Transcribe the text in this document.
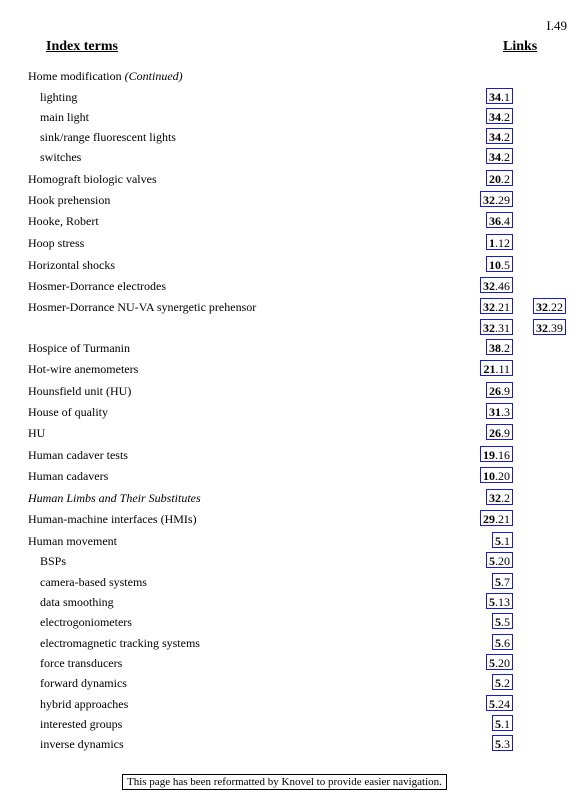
I.49
Index terms	Links
Home modification (Continued)
lighting	34.1
main light	34.2
sink/range fluorescent lights	34.2
switches	34.2
Homograft biologic valves	20.2
Hook prehension	32.29
Hooke, Robert	36.4
Hoop stress	1.12
Horizontal shocks	10.5
Hosmer-Dorrance electrodes	32.46
Hosmer-Dorrance NU-VA synergetic prehensor	32.21 32.22
32.31 32.39
Hospice of Turmanin	38.2
Hot-wire anemometers	21.11
Hounsfield unit (HU)	26.9
House of quality	31.3
HU	26.9
Human cadaver tests	19.16
Human cadavers	10.20
Human Limbs and Their Substitutes	32.2
Human-machine interfaces (HMIs)	29.21
Human movement	5.1
BSPs	5.20
camera-based systems	5.7
data smoothing	5.13
electrogoniometers	5.5
electromagnetic tracking systems	5.6
force transducers	5.20
forward dynamics	5.2
hybrid approaches	5.24
interested groups	5.1
inverse dynamics	5.3
This page has been reformatted by Knovel to provide easier navigation.
